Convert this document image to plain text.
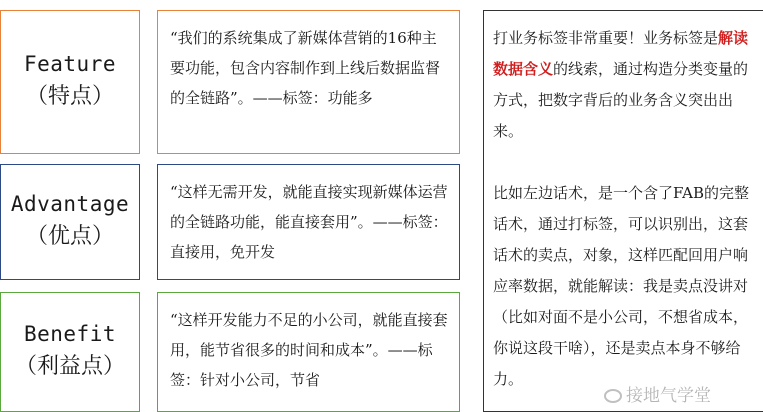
Feature
（特点）
“我们的系统集成了新媒体营销的16种主要功能，包含内容制作到上线后数据监督的全链路”。——标签：功能多
Advantage
（优点）
“这样无需开发，就能直接实现新媒体运营的全链路功能，能直接套用”。——标签：直接用，免开发
Benefit
（利益点）
“这样开发能力不足的小公司，就能直接套用，能节省很多的时间和成本”。——标签：针对小公司，节省
打业务标签非常重要！业务标签是解读数据含义的线索，通过构造分类变量的方式，把数字背后的业务含义突出出来。
比如左边话术，是一个含了FAB的完整话术，通过打标签，可以识别出，这套话术的卖点，对象，这样匹配回用户响应率数据，就能解读：我是卖点没讲对（比如对面不是小公司，不想省成本，你说这段干啥），还是卖点本身不够给力。
接地气学堂
